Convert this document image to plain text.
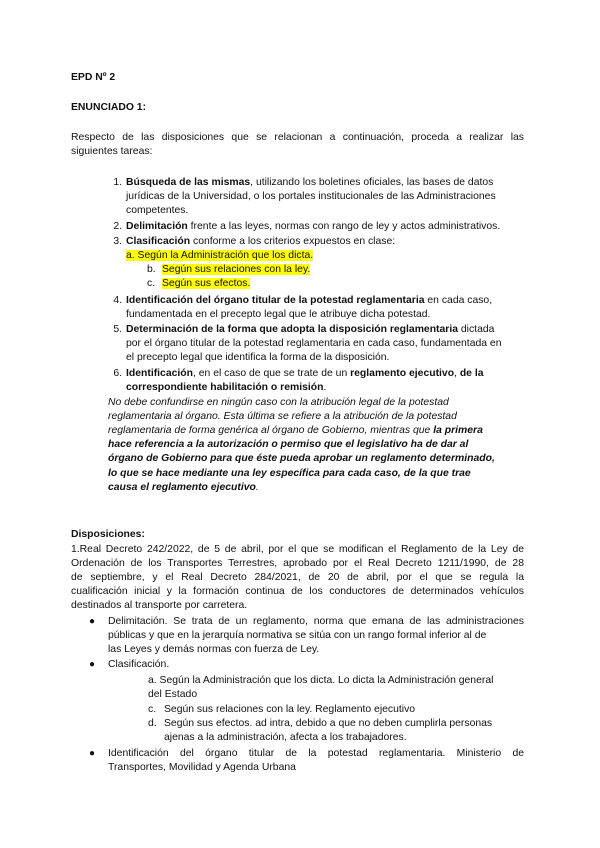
EPD Nº 2
ENUNCIADO 1:
Respecto de las disposiciones que se relacionan a continuación, proceda a realizar las
siguientes tareas:
1. Búsqueda de las mismas, utilizando los boletines oficiales, las bases de datos
jurídicas de la Universidad, o los portales institucionales de las Administraciones
competentes.
2. Delimitación frente a las leyes, normas con rango de ley y actos administrativos.
3. Clasificación conforme a los criterios expuestos en clase:
a. Según la Administración que los dicta.
b. Según sus relaciones con la ley.
c. Según sus efectos.
4. Identificación del órgano titular de la potestad reglamentaria en cada caso,
fundamentada en el precepto legal que le atribuye dicha potestad.
5. Determinación de la forma que adopta la disposición reglamentaria dictada
por el órgano titular de la potestad reglamentaria en cada caso, fundamentada en
el precepto legal que identifica la forma de la disposición.
6. Identificación, en el caso de que se trate de un reglamento ejecutivo, de la
correspondiente habilitación o remisión.
No debe confundirse en ningún caso con la atribución legal de la potestad
reglamentaria al órgano. Esta última se refiere a la atribución de la potestad
reglamentaria de forma genérica al órgano de Gobierno, mientras que la primera
hace referencia a la autorización o permiso que el legislativo ha de dar al
órgano de Gobierno para que éste pueda aprobar un reglamento determinado,
lo que se hace mediante una ley específica para cada caso, de la que trae
causa el reglamento ejecutivo.
Disposiciones:
1.Real Decreto 242/2022, de 5 de abril, por el que se modifican el Reglamento de la Ley de
Ordenación de los Transportes Terrestres, aprobado por el Real Decreto 1211/1990, de 28
de septiembre, y el Real Decreto 284/2021, de 20 de abril, por el que se regula la
cualificación inicial y la formación continua de los conductores de determinados vehículos
destinados al transporte por carretera.
● Delimitación. Se trata de un reglamento, norma que emana de las administraciones
públicas y que en la jerarquía normativa se sitúa con un rango formal inferior al de
las Leyes y demás normas con fuerza de Ley.
● Clasificación.
a. Según la Administración que los dicta. Lo dicta la Administración general
del Estado
c. Según sus relaciones con la ley. Reglamento ejecutivo
d. Según sus efectos. ad intra, debido a que no deben cumplirla personas
ajenas a la administración, afecta a los trabajadores.
● Identificación del órgano titular de la potestad reglamentaria. Ministerio de
Transportes, Movilidad y Agenda Urbana
